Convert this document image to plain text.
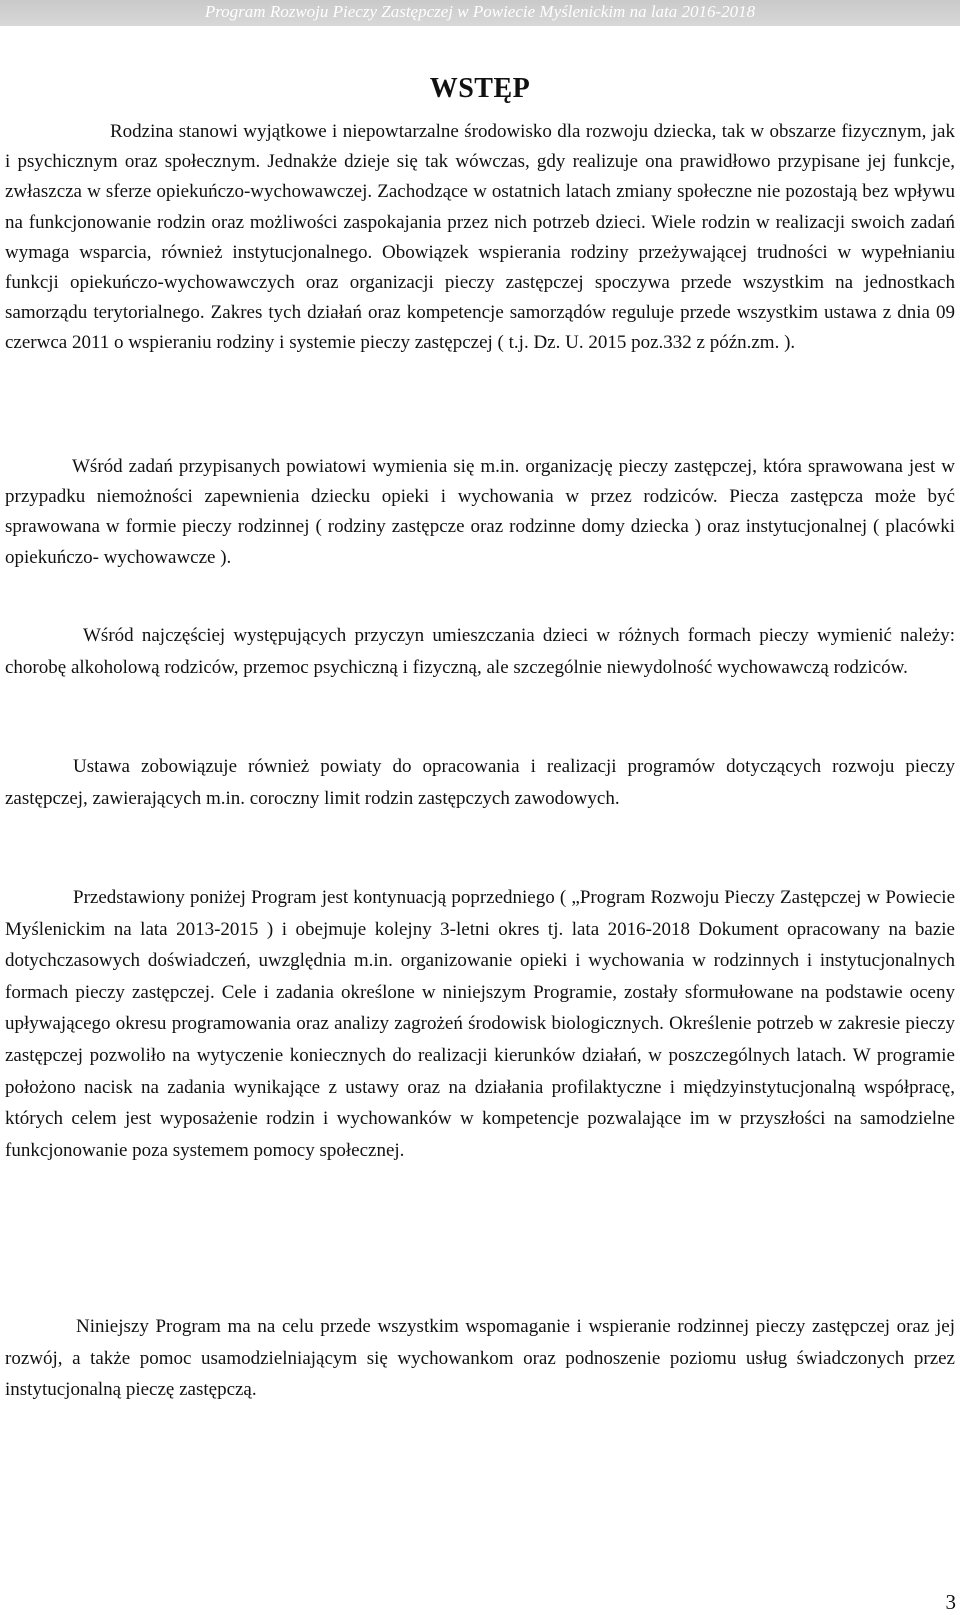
Program Rozwoju Pieczy Zastępczej w Powiecie Myślenickim na lata 2016-2018
WSTĘP

Rodzina stanowi wyjątkowe i niepowtarzalne środowisko dla rozwoju dziecka, tak w obszarze fizycznym, jak i psychicznym oraz społecznym. Jednakże dzieje się tak wówczas, gdy realizuje ona prawidłowo przypisane jej funkcje, zwłaszcza w sferze opiekuńczo-wychowawczej. Zachodzące w ostatnich latach zmiany społeczne nie pozostają bez wpływu na funkcjonowanie rodzin oraz możliwości zaspokajania przez nich potrzeb dzieci. Wiele rodzin w realizacji swoich zadań wymaga wsparcia, również instytucjonalnego. Obowiązek wspierania rodziny przeżywającej trudności w wypełnianiu funkcji opiekuńczo-wychowawczych oraz organizacji pieczy zastępczej spoczywa przede wszystkim na jednostkach samorządu terytorialnego. Zakres tych działań oraz kompetencje samorządów reguluje przede wszystkim ustawa z dnia 09 czerwca 2011 o wspieraniu rodziny i systemie pieczy zastępczej ( t.j. Dz. U. 2015 poz.332 z późn.zm. ).

Wśród zadań przypisanych powiatowi wymienia się m.in. organizację pieczy zastępczej, która sprawowana jest w przypadku niemożności zapewnienia dziecku opieki i wychowania w przez rodziców. Piecza zastępcza może być sprawowana w formie pieczy rodzinnej ( rodziny zastępcze oraz rodzinne domy dziecka ) oraz instytucjonalnej ( placówki opiekuńczo- wychowawcze ).

Wśród najczęściej występujących przyczyn umieszczania dzieci w różnych formach pieczy wymienić należy: chorobę alkoholową rodziców, przemoc psychiczną i fizyczną, ale szczególnie niewydolność wychowawczą rodziców.

Ustawa zobowiązuje również powiaty do opracowania i realizacji programów dotyczących rozwoju pieczy zastępczej, zawierających m.in. coroczny limit rodzin zastępczych zawodowych.

Przedstawiony poniżej Program jest kontynuacją poprzedniego ( „Program Rozwoju Pieczy Zastępczej w Powiecie Myślenickim na lata 2013-2015 ) i obejmuje kolejny 3-letni okres tj. lata 2016-2018 Dokument opracowany na bazie dotychczasowych doświadczeń, uwzględnia m.in. organizowanie opieki i wychowania w rodzinnych i instytucjonalnych formach pieczy zastępczej. Cele i zadania określone w niniejszym Programie, zostały sformułowane na podstawie oceny upływającego okresu programowania oraz analizy zagrożeń środowisk biologicznych. Określenie potrzeb w zakresie pieczy zastępczej pozwoliło na wytyczenie koniecznych do realizacji kierunków działań, w poszczególnych latach. W programie położono nacisk na zadania wynikające z ustawy oraz na działania profilaktyczne i międzyinstytucjonalną współpracę, których celem jest wyposażenie rodzin i wychowanków w kompetencje pozwalające im w przyszłości na samodzielne funkcjonowanie poza systemem pomocy społecznej.

Niniejszy Program ma na celu przede wszystkim wspomaganie i wspieranie rodzinnej pieczy zastępczej oraz jej rozwój, a także pomoc usamodzielniającym się wychowankom oraz podnoszenie poziomu usług świadczonych przez instytucjonalną pieczę zastępczą.

3
